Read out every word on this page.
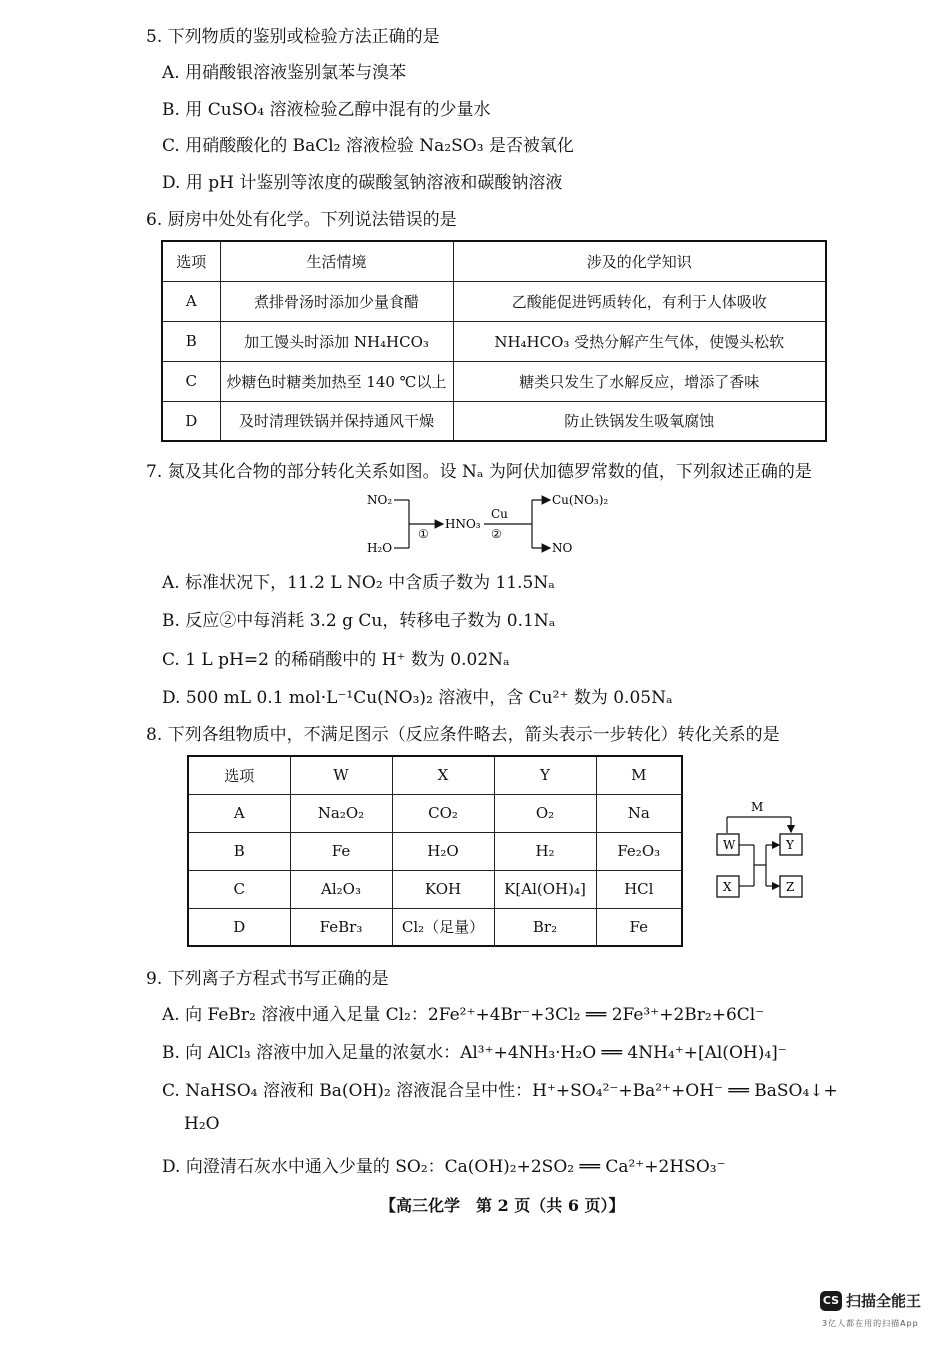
5. 下列物质的鉴别或检验方法正确的是
A. 用硝酸银溶液鉴别氯苯与溴苯
B. 用 CuSO₄ 溶液检验乙醇中混有的少量水
C. 用硝酸酸化的 BaCl₂ 溶液检验 Na₂SO₃ 是否被氧化
D. 用 pH 计鉴别等浓度的碳酸氢钠溶液和碳酸钠溶液
6. 厨房中处处有化学。下列说法错误的是
选项	生活情境	涉及的化学知识
A	煮排骨汤时添加少量食醋	乙酸能促进钙质转化，有利于人体吸收
B	加工馒头时添加 NH₄HCO₃	NH₄HCO₃ 受热分解产生气体，使馒头松软
C	炒糖色时糖类加热至 140 ℃以上	糖类只发生了水解反应，增添了香味
D	及时清理铁锅并保持通风干燥	防止铁锅发生吸氧腐蚀
7. 氮及其化合物的部分转化关系如图。设 Nₐ 为阿伏加德罗常数的值，下列叙述正确的是
NO₂
H₂O
①
HNO₃
Cu
②
Cu(NO₃)₂
NO
A. 标准状况下，11.2 L NO₂ 中含质子数为 11.5Nₐ
B. 反应②中每消耗 3.2 g Cu，转移电子数为 0.1Nₐ
C. 1 L pH=2 的稀硝酸中的 H⁺ 数为 0.02Nₐ
D. 500 mL 0.1 mol·L⁻¹Cu(NO₃)₂ 溶液中，含 Cu²⁺ 数为 0.05Nₐ
8. 下列各组物质中，不满足图示（反应条件略去，箭头表示一步转化）转化关系的是
选项	W	X	Y	M
A	Na₂O₂	CO₂	O₂	Na
B	Fe	H₂O	H₂	Fe₂O₃
C	Al₂O₃	KOH	K[Al(OH)₄]	HCl
D	FeBr₃	Cl₂（足量）	Br₂	Fe
M
W	Y
X	Z
9. 下列离子方程式书写正确的是
A. 向 FeBr₂ 溶液中通入足量 Cl₂：2Fe²⁺+4Br⁻+3Cl₂ ══ 2Fe³⁺+2Br₂+6Cl⁻
B. 向 AlCl₃ 溶液中加入足量的浓氨水：Al³⁺+4NH₃·H₂O ══ 4NH₄⁺+[Al(OH)₄]⁻
C. NaHSO₄ 溶液和 Ba(OH)₂ 溶液混合呈中性：H⁺+SO₄²⁻+Ba²⁺+OH⁻ ══ BaSO₄↓+
H₂O
D. 向澄清石灰水中通入少量的 SO₂：Ca(OH)₂+2SO₂ ══ Ca²⁺+2HSO₃⁻
【高三化学　第 2 页（共 6 页）】
CS 扫描全能王
3亿人都在用的扫描App
